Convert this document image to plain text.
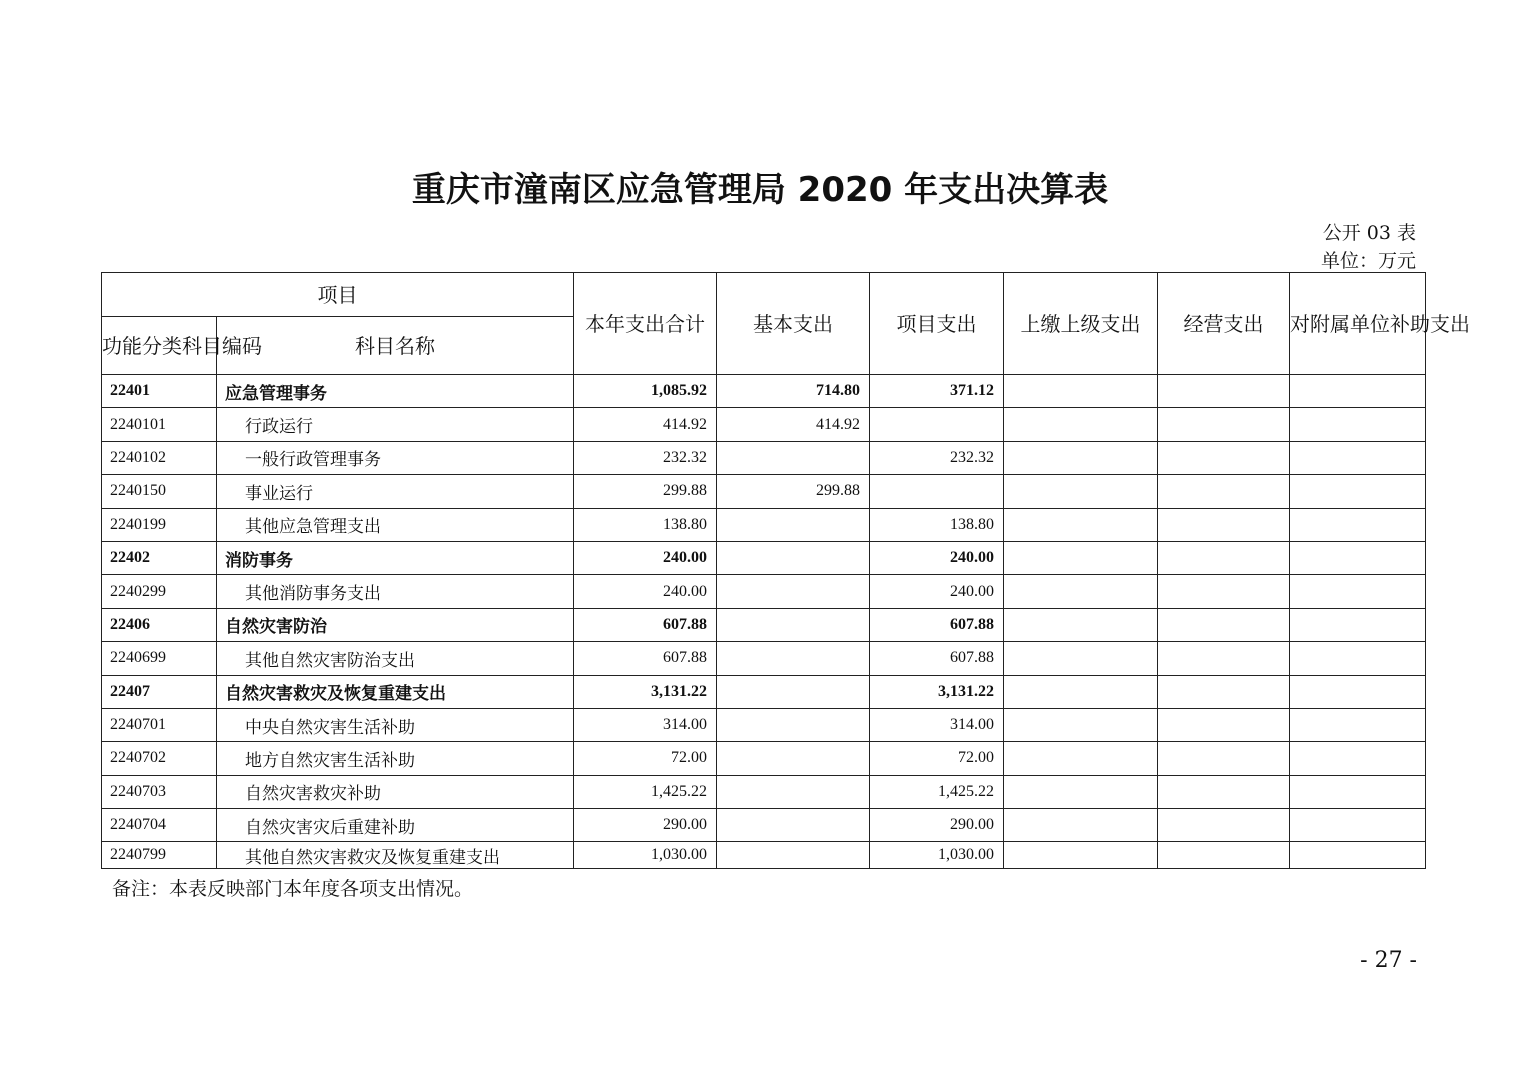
重庆市潼南区应急管理局 2020 年支出决算表
公开 03 表
单位：万元
项目		本年支出合计	基本支出	项目支出	上缴上级支出	经营支出	对附属单位补助支出
功能分类科目编码	科目名称						
22401	应急管理事务	1,085.92	714.80	371.12			
2240101	行政运行	414.92	414.92				
2240102	一般行政管理事务	232.32		232.32			
2240150	事业运行	299.88	299.88				
2240199	其他应急管理支出	138.80		138.80			
22402	消防事务	240.00		240.00			
2240299	其他消防事务支出	240.00		240.00			
22406	自然灾害防治	607.88		607.88			
2240699	其他自然灾害防治支出	607.88		607.88			
22407	自然灾害救灾及恢复重建支出	3,131.22		3,131.22			
2240701	中央自然灾害生活补助	314.00		314.00			
2240702	地方自然灾害生活补助	72.00		72.00			
2240703	自然灾害救灾补助	1,425.22		1,425.22			
2240704	自然灾害灾后重建补助	290.00		290.00			
2240799	其他自然灾害救灾及恢复重建支出	1,030.00		1,030.00			
备注：本表反映部门本年度各项支出情况。
- 27 -
